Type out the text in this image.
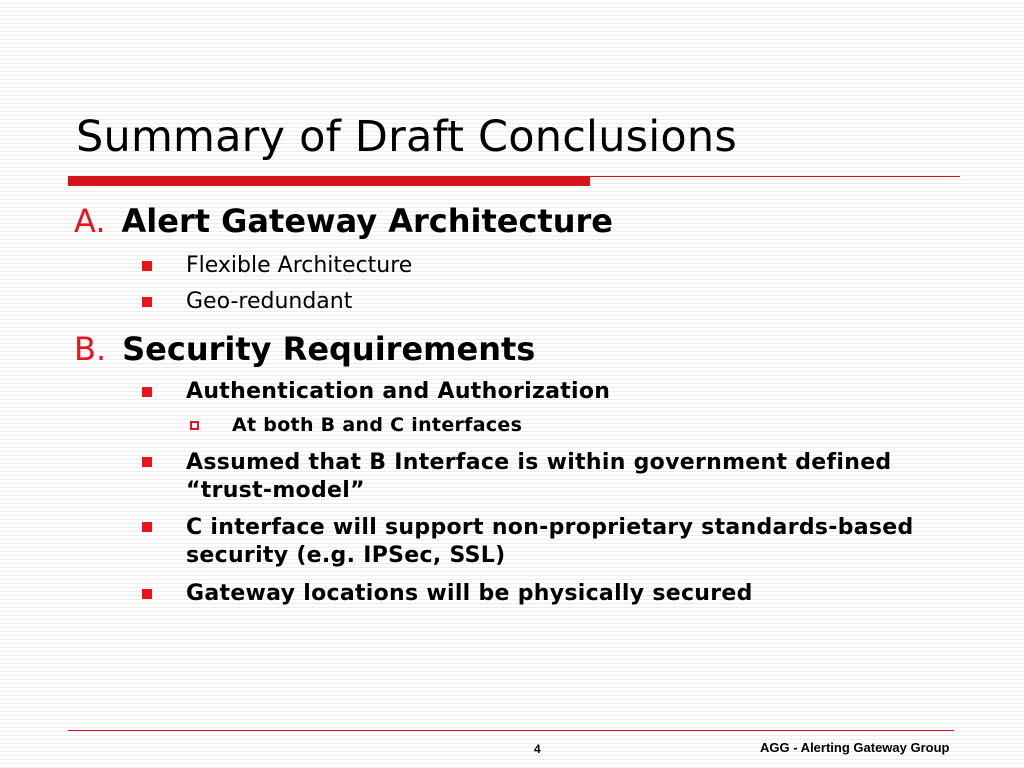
Summary of Draft Conclusions
A. Alert Gateway Architecture
Flexible Architecture
Geo-redundant
B. Security Requirements
Authentication and Authorization
At both B and C interfaces
Assumed that B Interface is within government defined
“trust-model”
C interface will support non-proprietary standards-based
security (e.g. IPSec, SSL)
Gateway locations will be physically secured
4	AGG - Alerting Gateway Group
